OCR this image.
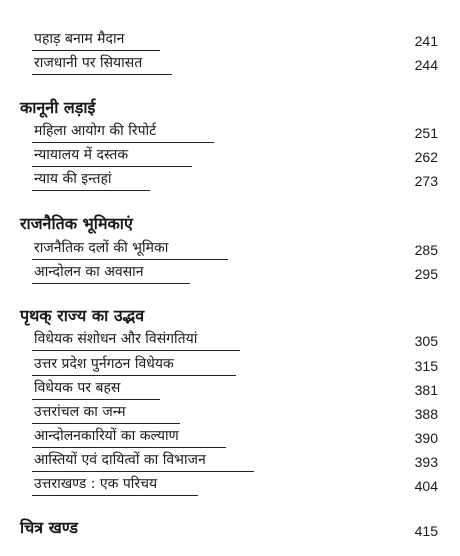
पहाड़ बनाम मैदान	241
राजधानी पर सियासत	244
कानूनी लड़ाई
महिला आयोग की रिपोर्ट	251
न्यायालय में दस्तक	262
न्याय की इन्तहां	273
राजनैतिक भूमिकाएं
राजनैतिक दलों की भूमिका	285
आन्दोलन का अवसान	295
पृथक् राज्य का उद्भव
विधेयक संशोधन और विसंगतियां	305
उत्तर प्रदेश पुर्नगठन विधेयक	315
विधेयक पर बहस	381
उत्तरांचल का जन्म	388
आन्दोलनकारियों का कल्याण	390
आस्तियों एवं दायित्वों का विभाजन	393
उत्तराखण्ड : एक परिचय	404
चित्र खण्ड	415
